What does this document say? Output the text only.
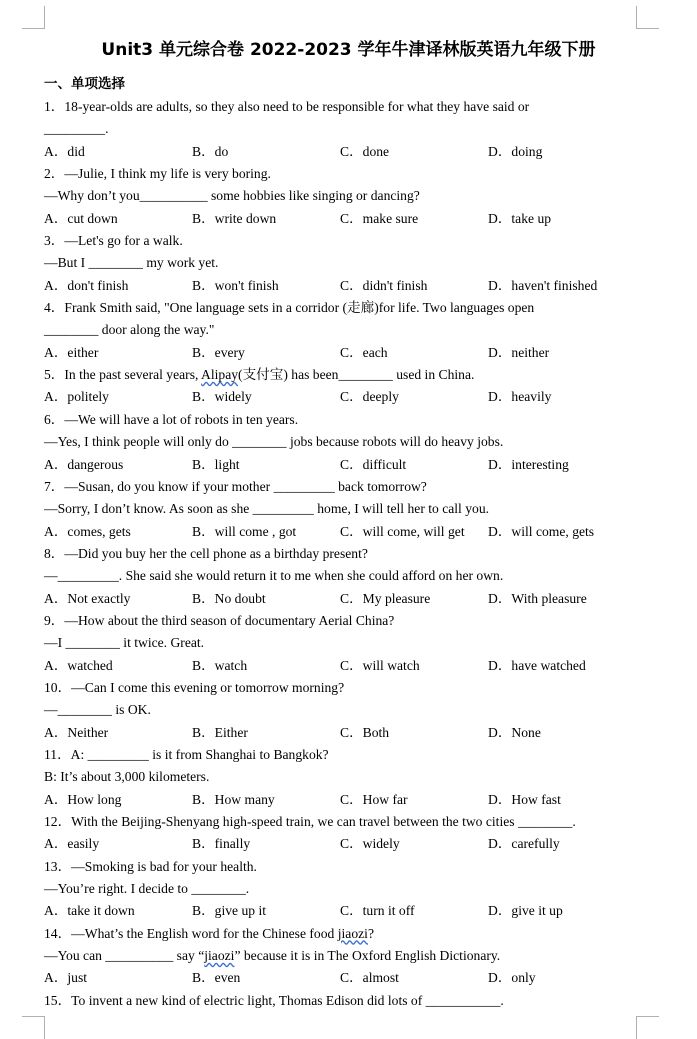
Unit3 单元综合卷 2022-2023 学年牛津译林版英语九年级下册
一、单项选择
1．18-year-olds are adults, so they also need to be responsible for what they have said or
_________.
A．did	B．do	C．done	D．doing
2．—Julie, I think my life is very boring.
—Why don’t you__________ some hobbies like singing or dancing?
A．cut down	B．write down	C．make sure	D．take up
3．—Let's go for a walk.
—But I ________ my work yet.
A．don't finish	B．won't finish	C．didn't finish	D．haven't finished
4．Frank Smith said, "One language sets in a corridor (走廊)for life. Two languages open
________ door along the way."
A．either	B．every	C．each	D．neither
5．In the past several years, Alipay(支付宝) has been________ used in China.
A．politely	B．widely	C．deeply	D．heavily
6．—We will have a lot of robots in ten years.
—Yes, I think people will only do ________ jobs because robots will do heavy jobs.
A．dangerous	B．light	C．difficult	D．interesting
7．—Susan, do you know if your mother _________ back tomorrow?
—Sorry, I don’t know. As soon as she _________ home, I will tell her to call you.
A．comes, gets	B．will come , got	C．will come, will get	D．will come, gets
8．—Did you buy her the cell phone as a birthday present?
—_________. She said she would return it to me when she could afford on her own.
A．Not exactly	B．No doubt	C．My pleasure	D．With pleasure
9．—How about the third season of documentary Aerial China?
—I ________ it twice. Great.
A．watched	B．watch	C．will watch	D．have watched
10．—Can I come this evening or tomorrow morning?
—________ is OK.
A．Neither	B．Either	C．Both	D．None
11．A: _________ is it from Shanghai to Bangkok?
B: It’s about 3,000 kilometers.
A．How long	B．How many	C．How far	D．How fast
12．With the Beijing-Shenyang high-speed train, we can travel between the two cities ________.
A．easily	B．finally	C．widely	D．carefully
13．—Smoking is bad for your health.
—You’re right. I decide to ________.
A．take it down	B．give up it	C．turn it off	D．give it up
14．—What’s the English word for the Chinese food jiaozi?
—You can __________ say “jiaozi” because it is in The Oxford English Dictionary.
A．just	B．even	C．almost	D．only
15．To invent a new kind of electric light, Thomas Edison did lots of ___________.
